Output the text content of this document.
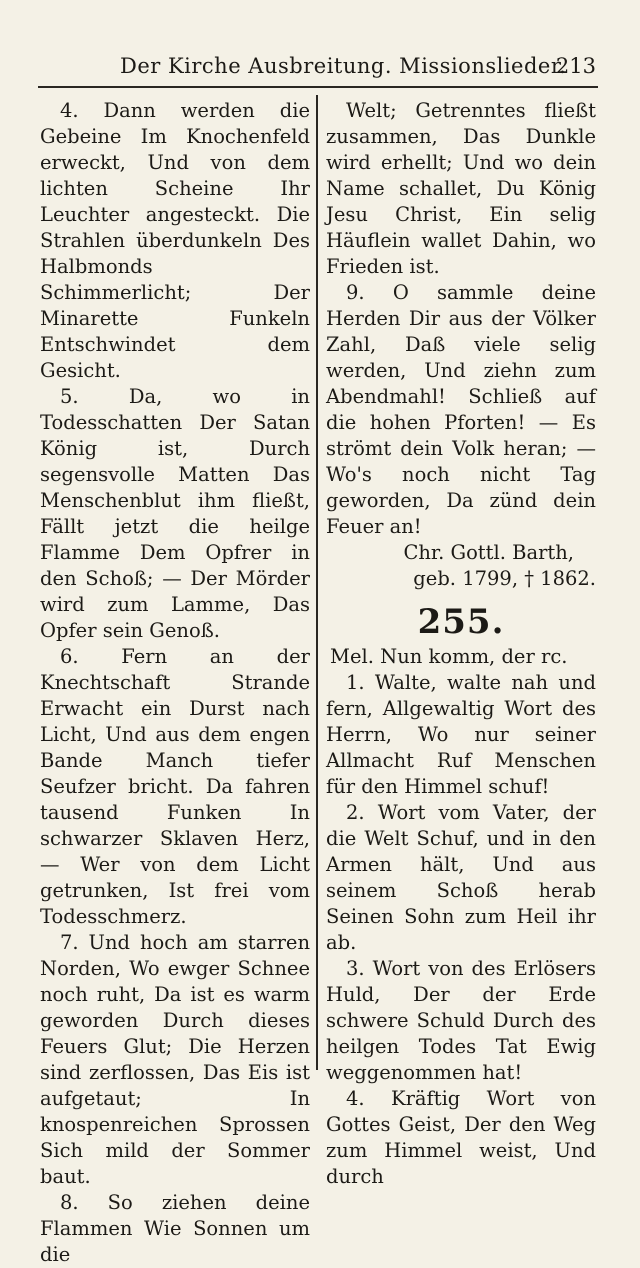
Der Kirche Ausbreitung. Missionslieder.
213

4. Dann werden die Gebeine Im Knochenfeld erweckt, Und von dem lichten Scheine Ihr Leuchter angesteckt. Die Strahlen überdunkeln Des Halbmonds Schimmerlicht; Der Minarette Funkeln Entschwindet dem Gesicht.

5. Da, wo in Todesschatten Der Satan König ist, Durch segensvolle Matten Das Menschenblut ihm fließt, Fällt jetzt die heilge Flamme Dem Opfrer in den Schoß; — Der Mörder wird zum Lamme, Das Opfer sein Genoß.

6. Fern an der Knechtschaft Strande Erwacht ein Durst nach Licht, Und aus dem engen Bande Manch tiefer Seufzer bricht. Da fahren tausend Funken In schwarzer Sklaven Herz, — Wer von dem Licht getrunken, Ist frei vom Todesschmerz.

7. Und hoch am starren Norden, Wo ewger Schnee noch ruht, Da ist es warm geworden Durch dieses Feuers Glut; Die Herzen sind zerflossen, Das Eis ist aufgetaut; In knospenreichen Sprossen Sich mild der Sommer baut.

8. So ziehen deine Flammen Wie Sonnen um die

Welt; Getrenntes fließt zusammen, Das Dunkle wird erhellt; Und wo dein Name schallet, Du König Jesu Christ, Ein selig Häuflein wallet Dahin, wo Frieden ist.

9. O sammle deine Herden Dir aus der Völker Zahl, Daß viele selig werden, Und ziehn zum Abendmahl! Schließ auf die hohen Pforten! — Es strömt dein Volk heran; — Wo's noch nicht Tag geworden, Da zünd dein Feuer an!

Chr. Gottl. Barth,
geb. 1799, † 1862.

255.

Mel. Nun komm, der rc.

1. Walte, walte nah und fern, Allgewaltig Wort des Herrn, Wo nur seiner Allmacht Ruf Menschen für den Himmel schuf!

2. Wort vom Vater, der die Welt Schuf, und in den Armen hält, Und aus seinem Schoß herab Seinen Sohn zum Heil ihr ab.

3. Wort von des Erlösers Huld, Der der Erde schwere Schuld Durch des heilgen Todes Tat Ewig weggenommen hat!

4. Kräftig Wort von Gottes Geist, Der den Weg zum Himmel weist, Und durch
